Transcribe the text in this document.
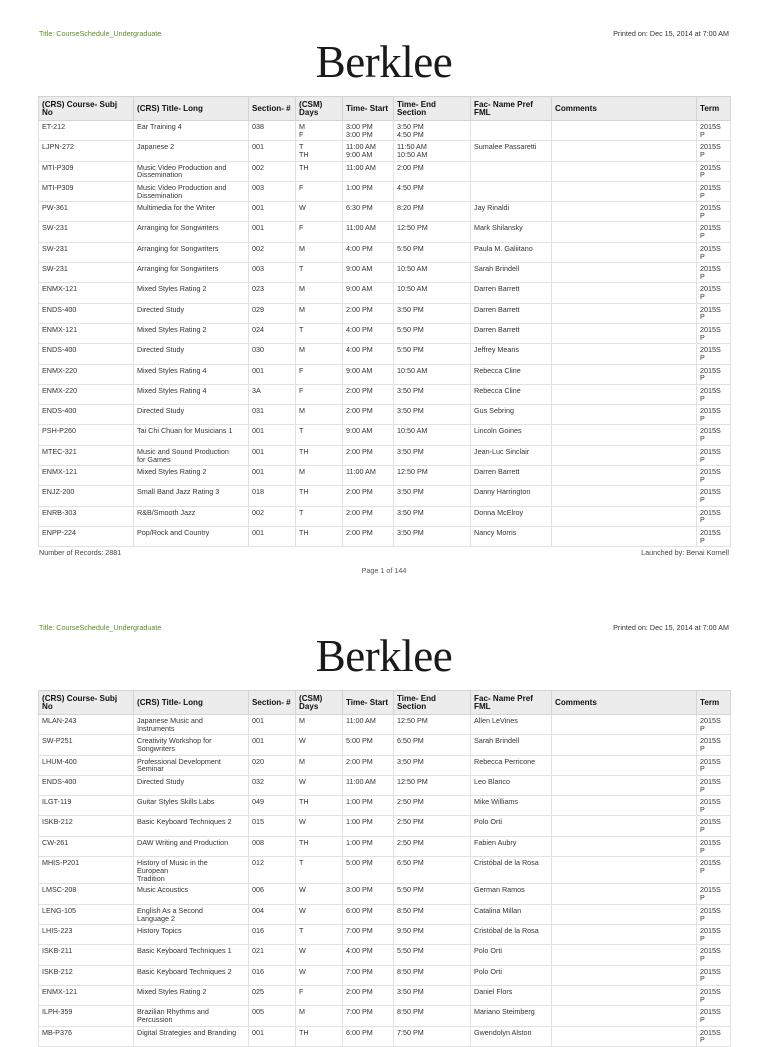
Title: CourseSchedule_Undergraduate	Printed on: Dec 15, 2014 at 7:00 AM
Berklee
(CRS) Course- Subj No	(CRS) Title- Long	Section- #	(CSM)
Days	Time- Start	Time- End Section	Fac- Name Pref
FML	Comments	Term
ET-212	Ear Training 4	038	M
F	3:00 PM
3:00 PM	3:50 PM
4:50 PM			2015S
P
LJPN-272	Japanese 2	001	T
TH	11:00 AM
9:00 AM	11:50 AM
10:50 AM	Sumalee Passaretti		2015S
P
MTI-P309	Music Video Production and
Dissemination	002	TH	11:00 AM	2:00 PM			2015S
P
MTI-P309	Music Video Production and
Dissemination	003	F	1:00 PM	4:50 PM			2015S
P
PW-361	Multimedia for the Writer	001	W	6:30 PM	8:20 PM	Jay Rinaldi		2015S
P
SW-231	Arranging for Songwriters	001	F	11:00 AM	12:50 PM	Mark Shilansky		2015S
P
SW-231	Arranging for Songwriters	002	M	4:00 PM	5:50 PM	Paula M. Galiitano		2015S
P
SW-231	Arranging for Songwriters	003	T	9:00 AM	10:50 AM	Sarah Brindell		2015S
P
ENMX-121	Mixed Styles Rating 2	023	M	9:00 AM	10:50 AM	Darren Barrett		2015S
P
ENDS-400	Directed Study	029	M	2:00 PM	3:50 PM	Darren Barrett		2015S
P
ENMX-121	Mixed Styles Rating 2	024	T	4:00 PM	5:50 PM	Darren Barrett		2015S
P
ENDS-400	Directed Study	030	M	4:00 PM	5:50 PM	Jeffrey Means		2015S
P
ENMX-220	Mixed Styles Rating 4	001	F	9:00 AM	10:50 AM	Rebecca Cline		2015S
P
ENMX-220	Mixed Styles Rating 4	3A	F	2:00 PM	3:50 PM	Rebecca Cline		2015S
P
ENDS-400	Directed Study	031	M	2:00 PM	3:50 PM	Gus Sebring		2015S
P
PSH-P260	Tai Chi Chuan for Musicians 1	001	T	9:00 AM	10:50 AM	Lincoln Goines		2015S
P
MTEC-321	Music and Sound Production
for Games	001	TH	2:00 PM	3:50 PM	Jean-Luc Sinclair		2015S
P
ENMX-121	Mixed Styles Rating 2	001	M	11:00 AM	12:50 PM	Darren Barrett		2015S
P
ENJZ-200	Small Band Jazz Rating 3	018	TH	2:00 PM	3:50 PM	Danny Harrington		2015S
P
ENRB-303	R&B/Smooth Jazz	002	T	2:00 PM	3:50 PM	Donna McElroy		2015S
P
ENPP-224	Pop/Rock and Country	001	TH	2:00 PM	3:50 PM	Nancy Morris		2015S
P
Number of Records: 2881	Launched by: Benai Kornell
Page 1 of 144
Title: CourseSchedule_Undergraduate	Printed on: Dec 15, 2014 at 7:00 AM
Berklee
(CRS) Course- Subj No	(CRS) Title- Long	Section- #	(CSM)
Days	Time- Start	Time- End Section	Fac- Name Pref
FML	Comments	Term
MLAN-243	Japanese Music and
Instruments	001	M	11:00 AM	12:50 PM	Allen LeVines		2015S
P
SW-P251	Creativity Workshop for
Songwriters	001	W	5:00 PM	6:50 PM	Sarah Brindell		2015S
P
LHUM-400	Professional Development
Seminar	020	M	2:00 PM	3:50 PM	Rebecca Perricone		2015S
P
ENDS-400	Directed Study	032	W	11:00 AM	12:50 PM	Leo Blanco		2015S
P
ILGT-119	Guitar Styles Skills Labs	049	TH	1:00 PM	2:50 PM	Mike Williams		2015S
P
ISKB-212	Basic Keyboard Techniques 2	015	W	1:00 PM	2:50 PM	Polo Orti		2015S
P
CW-261	DAW Writing and Production	008	TH	1:00 PM	2:50 PM	Fabien Aubry		2015S
P
MHIS-P201	History of Music in the
European
Tradition	012	T	5:00 PM	6:50 PM	Cristóbal de la Rosa		2015S
P
LMSC-208	Music Acoustics	006	W	3:00 PM	5:50 PM	German Ramos		2015S
P
LENG-105	English As a Second
Language 2	004	W	6:00 PM	8:50 PM	Catalina Millan		2015S
P
LHIS-223	History Topics	016	T	7:00 PM	9:50 PM	Cristóbal de la Rosa		2015S
P
ISKB-211	Basic Keyboard Techniques 1	021	W	4:00 PM	5:50 PM	Polo Orti		2015S
P
ISKB-212	Basic Keyboard Techniques 2	016	W	7:00 PM	8:50 PM	Polo Orti		2015S
P
ENMX-121	Mixed Styles Rating 2	025	F	2:00 PM	3:50 PM	Daniel Flors		2015S
P
ILPH-359	Brazilian Rhythms and
Percussion	005	M	7:00 PM	8:50 PM	Mariano Steimberg		2015S
P
MB-P376	Digital Strategies and Branding	001	TH	6:00 PM	7:50 PM	Gwendolyn Alston		2015S
P
